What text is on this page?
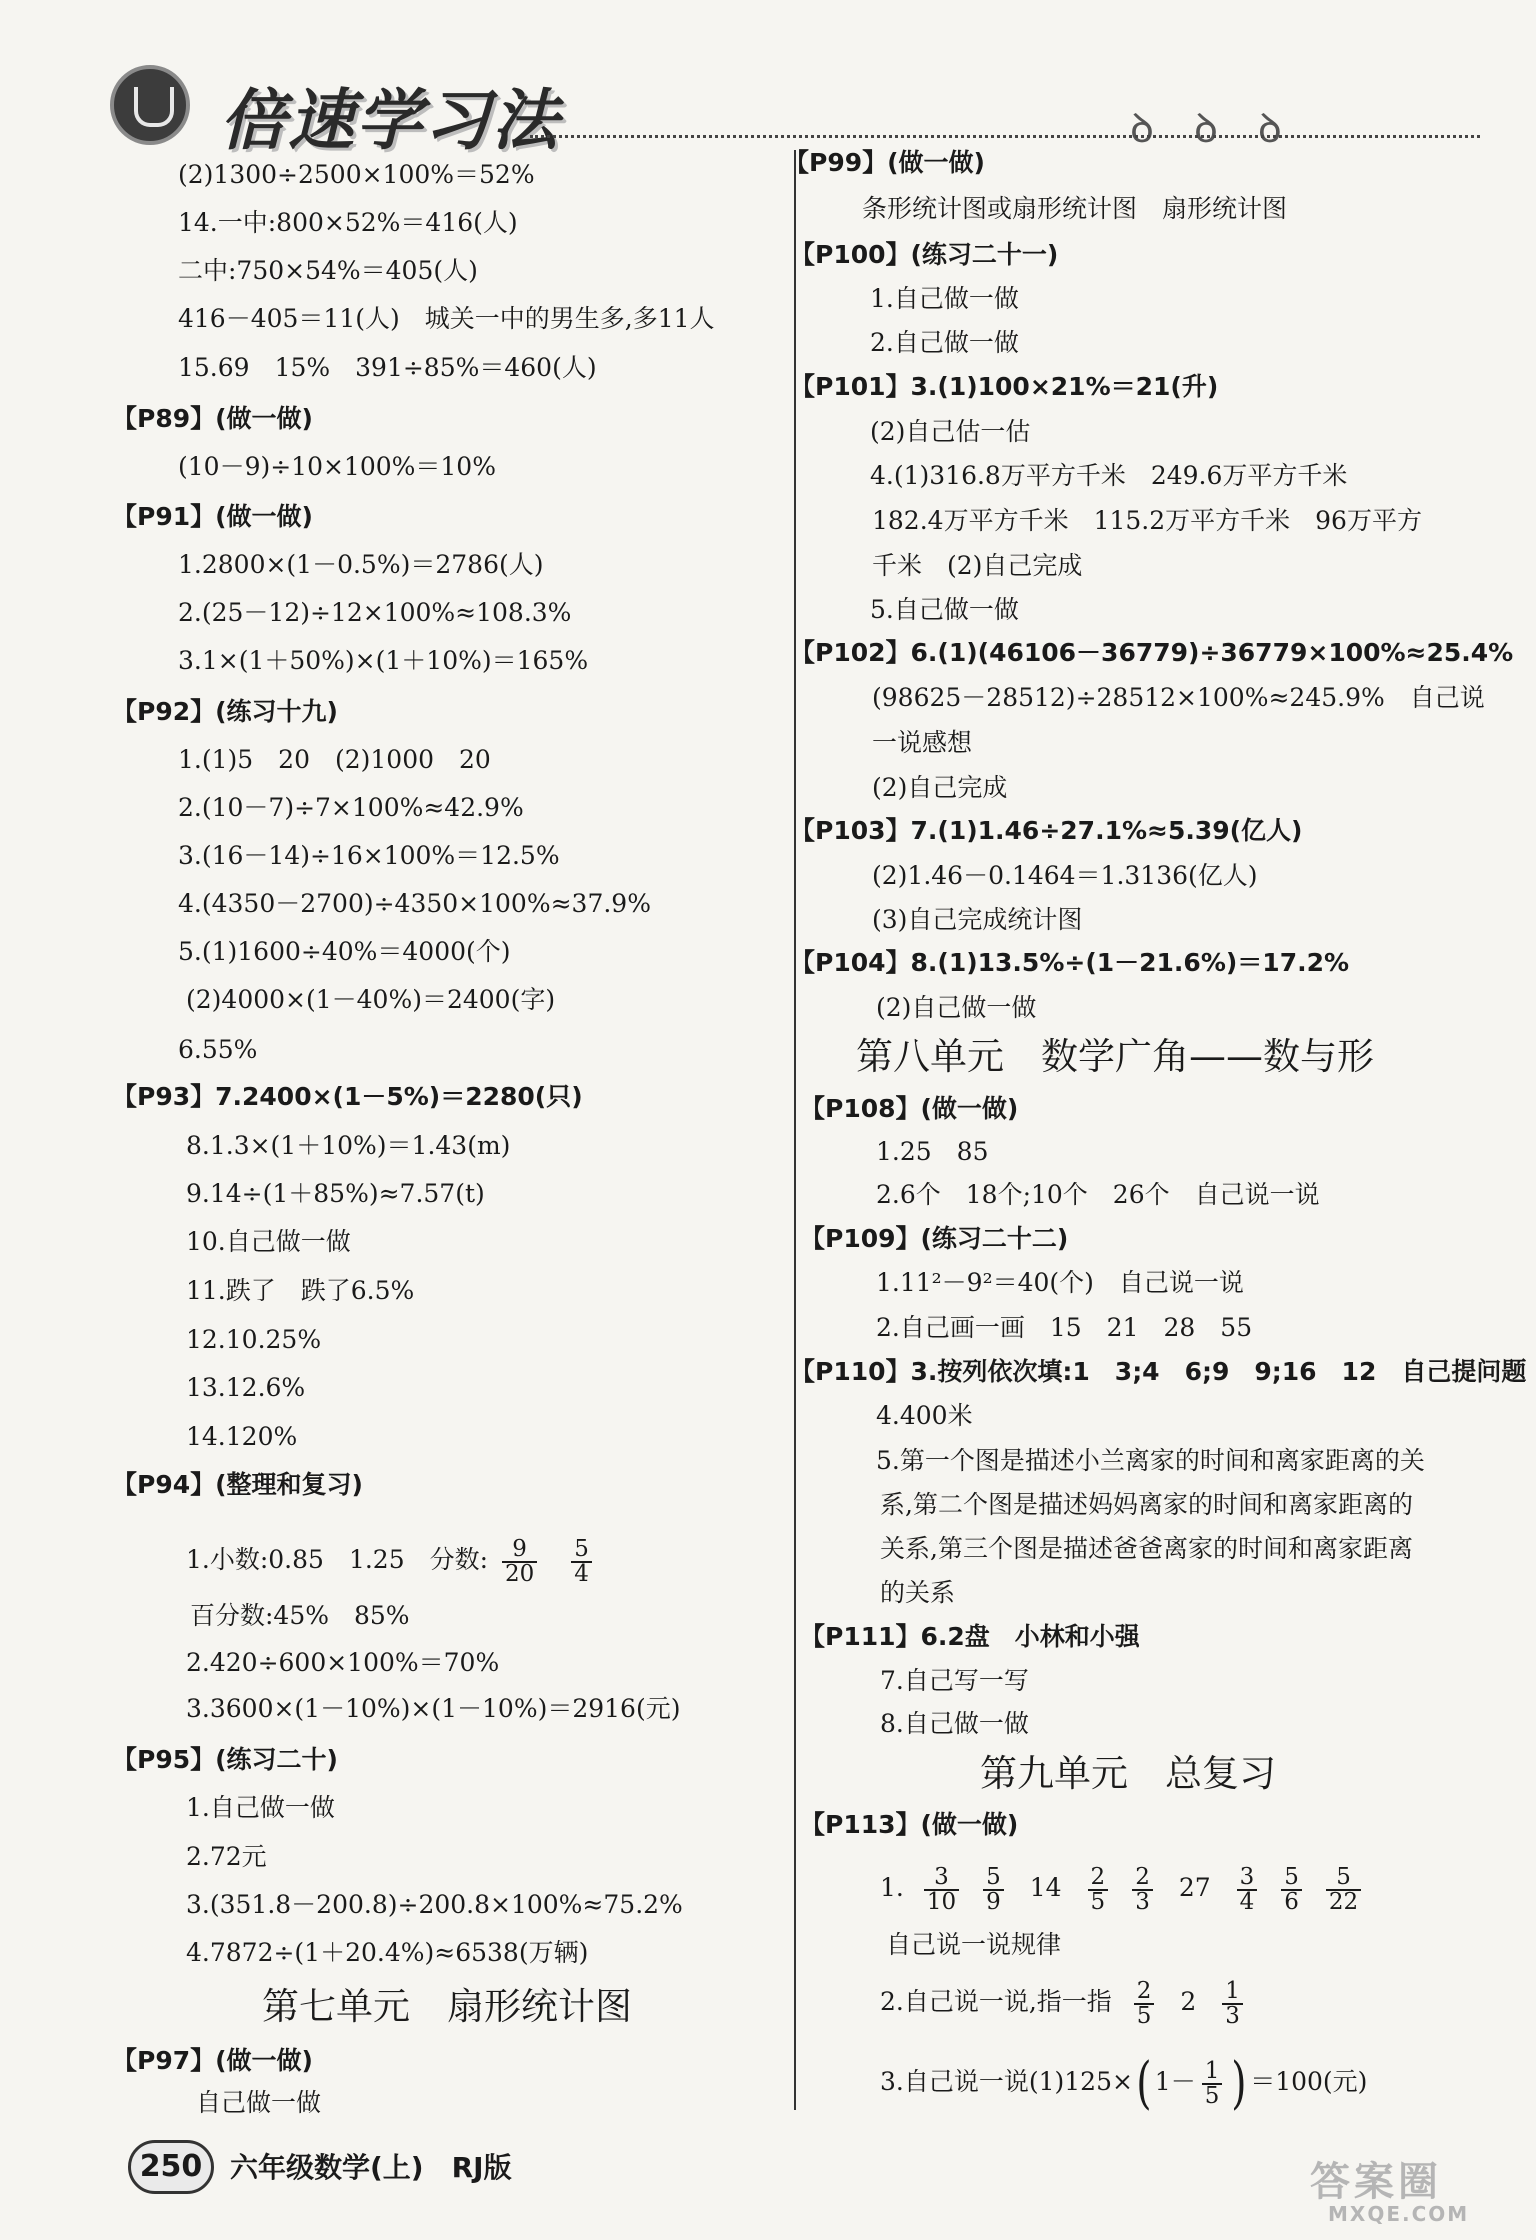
倍速学习法	ꝺꝺꝺ
(2)1300÷2500×100%＝52%
14.一中:800×52%＝416(人)
二中:750×54%＝405(人)
416－405＝11(人)　城关一中的男生多,多11人
15.69　15%　391÷85%＝460(人)
【P89】(做一做)
(10－9)÷10×100%＝10%
【P91】(做一做)
1.2800×(1－0.5%)＝2786(人)
2.(25－12)÷12×100%≈108.3%
3.1×(1＋50%)×(1＋10%)＝165%
【P92】(练习十九)
1.(1)5　20　(2)1000　20
2.(10－7)÷7×100%≈42.9%
3.(16－14)÷16×100%＝12.5%
4.(4350－2700)÷4350×100%≈37.9%
5.(1)1600÷40%＝4000(个)
(2)4000×(1－40%)＝2400(字)
6.55%
【P93】7.2400×(1－5%)＝2280(只)
8.1.3×(1＋10%)＝1.43(m)
9.14÷(1＋85%)≈7.57(t)
10.自己做一做
11.跌了　跌了6.5%
12.10.25%
13.12.6%
14.120%
【P94】(整理和复习)
1.小数:0.85　1.25　分数: $\frac{9}{20}$
$\frac{5}{4}$
百分数:45%　85%
2.420÷600×100%＝70%
3.3600×(1－10%)×(1－10%)＝2916(元)
【P95】(练习二十)
1.自己做一做
2.72元
3.(351.8－200.8)÷200.8×100%≈75.2%
4.7872÷(1＋20.4%)≈6538(万辆)
第七单元　扇形统计图
【P97】(做一做)
自己做一做
【P99】(做一做)
条形统计图或扇形统计图　扇形统计图
【P100】(练习二十一)
1.自己做一做
2.自己做一做
【P101】3.(1)100×21%＝21(升)
(2)自己估一估
4.(1)316.8万平方千米　249.6万平方千米
182.4万平方千米　115.2万平方千米　96万平方
千米　(2)自己完成
5.自己做一做
【P102】6.(1)(46106－36779)÷36779×100%≈25.4%
(98625－28512)÷28512×100%≈245.9%　自己说
一说感想
(2)自己完成
【P103】7.(1)1.46÷27.1%≈5.39(亿人)
(2)1.46－0.1464＝1.3136(亿人)
(3)自己完成统计图
【P104】8.(1)13.5%÷(1－21.6%)＝17.2%
(2)自己做一做
第八单元　数学广角——数与形
【P108】(做一做)
1.25　85
2.6个　18个;10个　26个　自己说一说
【P109】(练习二十二)
1.11²－9²＝40(个)　自己说一说
2.自己画一画　15　21　28　55
【P110】3.按列依次填:1　3;4　6;9　9;16　12　自己提问题
4.400米
5.第一个图是描述小兰离家的时间和离家距离的关
系,第二个图是描述妈妈离家的时间和离家距离的
关系,第三个图是描述爸爸离家的时间和离家距离
的关系
【P111】6.2盘　小林和小强
7.自己写一写
8.自己做一做
第九单元　总复习
【P113】(做一做)
1. $\frac{3}{10} \frac{5}{9} 14 \frac{2}{5} \frac{2}{3} 27 \frac{3}{4} \frac{5}{6} \frac{5}{22}$
自己说一说规律
2.自己说一说,指一指 $\frac{2}{5} 2 \frac{1}{3}$
3.自己说一说(1)125×( $1- \frac{1}{5}$ ) ＝100(元)
250 六年级数学(上)　RJ版	答案圈
MXQE.COM
